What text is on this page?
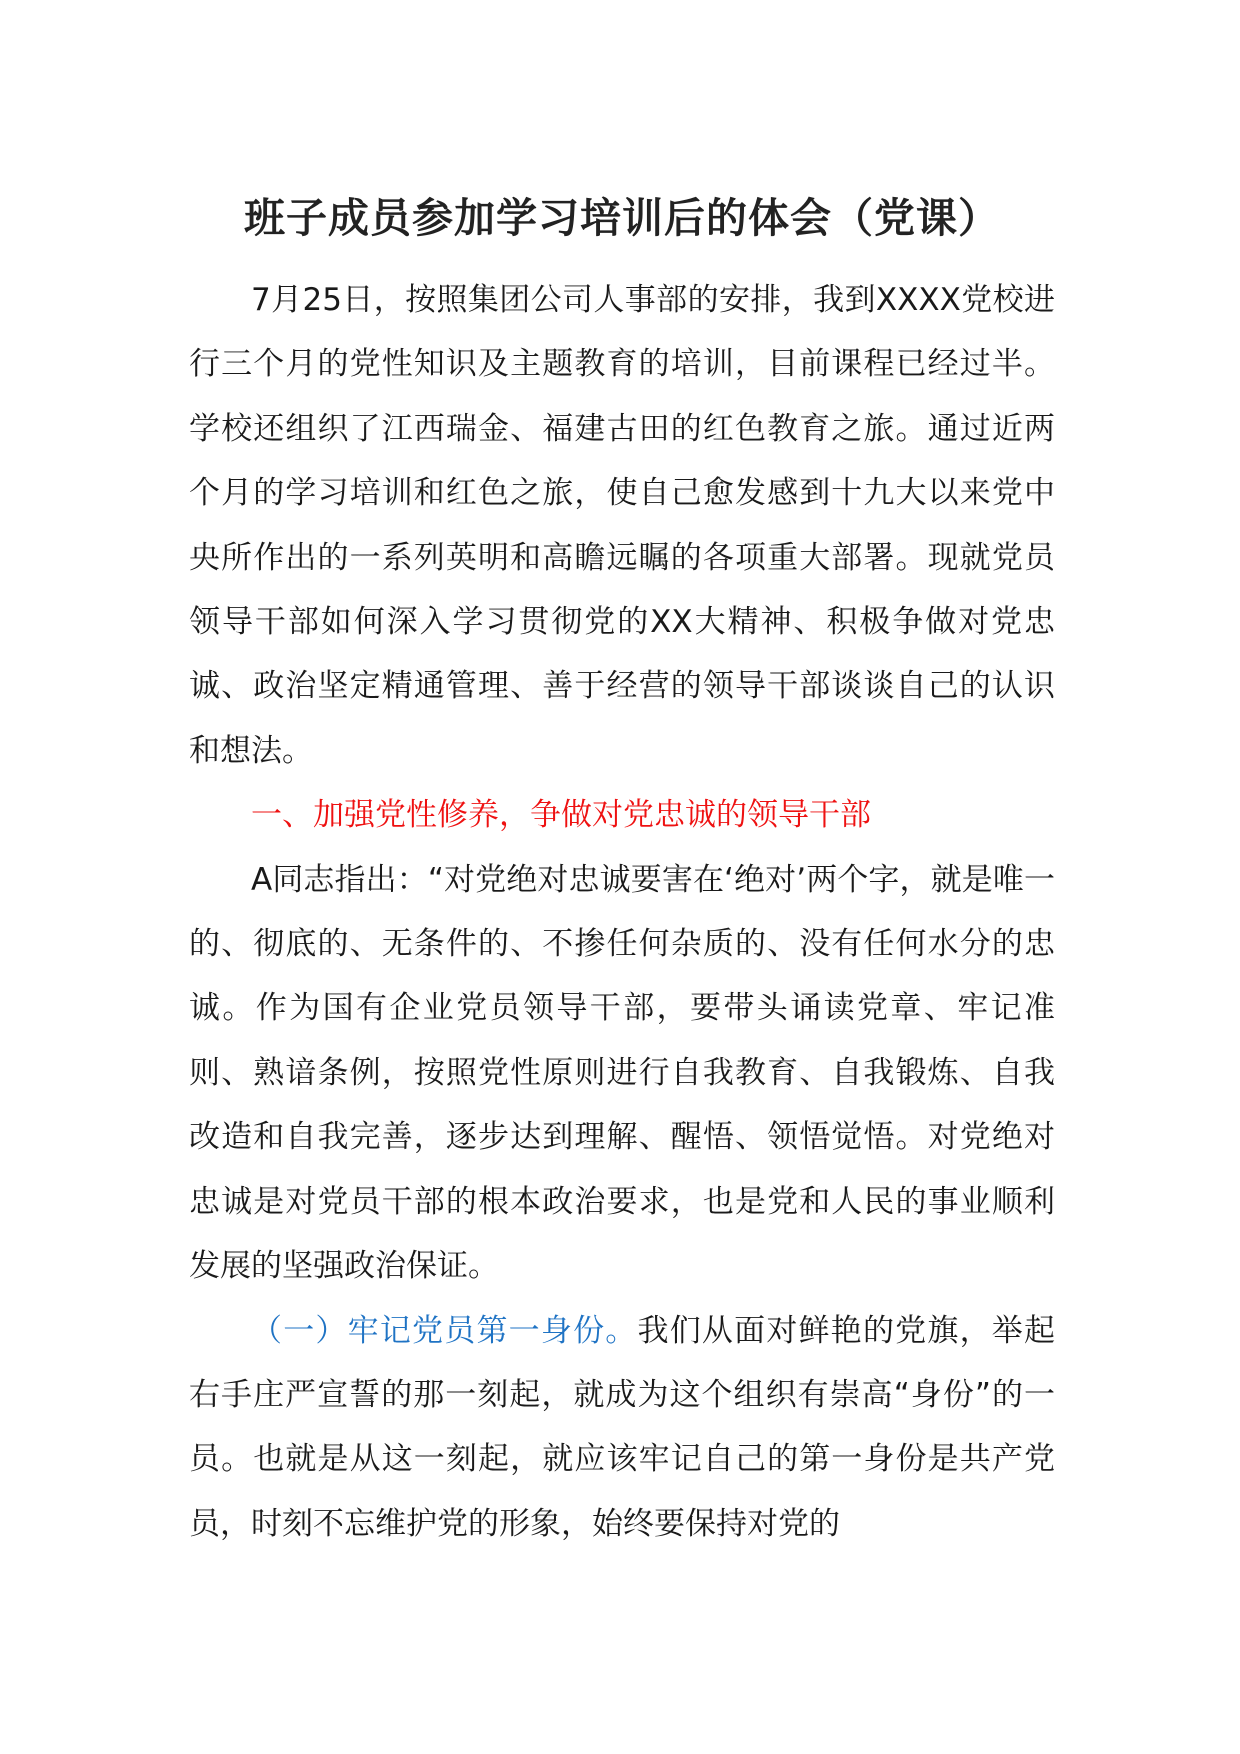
班子成员参加学习培训后的体会（党课）

7月25日，按照集团公司人事部的安排，我到XXXX党校进行三个月的党性知识及主题教育的培训，目前课程已经过半。学校还组织了江西瑞金、福建古田的红色教育之旅。通过近两个月的学习培训和红色之旅，使自己愈发感到十九大以来党中央所作出的一系列英明和高瞻远瞩的各项重大部署。现就党员领导干部如何深入学习贯彻党的XX大精神、积极争做对党忠诚、政治坚定精通管理、善于经营的领导干部谈谈自己的认识和想法。

一、加强党性修养，争做对党忠诚的领导干部

A同志指出：“对党绝对忠诚要害在‘绝对’两个字，就是唯一的、彻底的、无条件的、不掺任何杂质的、没有任何水分的忠诚。作为国有企业党员领导干部，要带头诵读党章、牢记准则、熟谙条例，按照党性原则进行自我教育、自我锻炼、自我改造和自我完善，逐步达到理解、醒悟、领悟觉悟。对党绝对忠诚是对党员干部的根本政治要求，也是党和人民的事业顺利发展的坚强政治保证。

（一）牢记党员第一身份。我们从面对鲜艳的党旗，举起右手庄严宣誓的那一刻起，就成为这个组织有崇高“身份”的一员。也就是从这一刻起，就应该牢记自己的第一身份是共产党员，时刻不忘维护党的形象，始终要保持对党的
